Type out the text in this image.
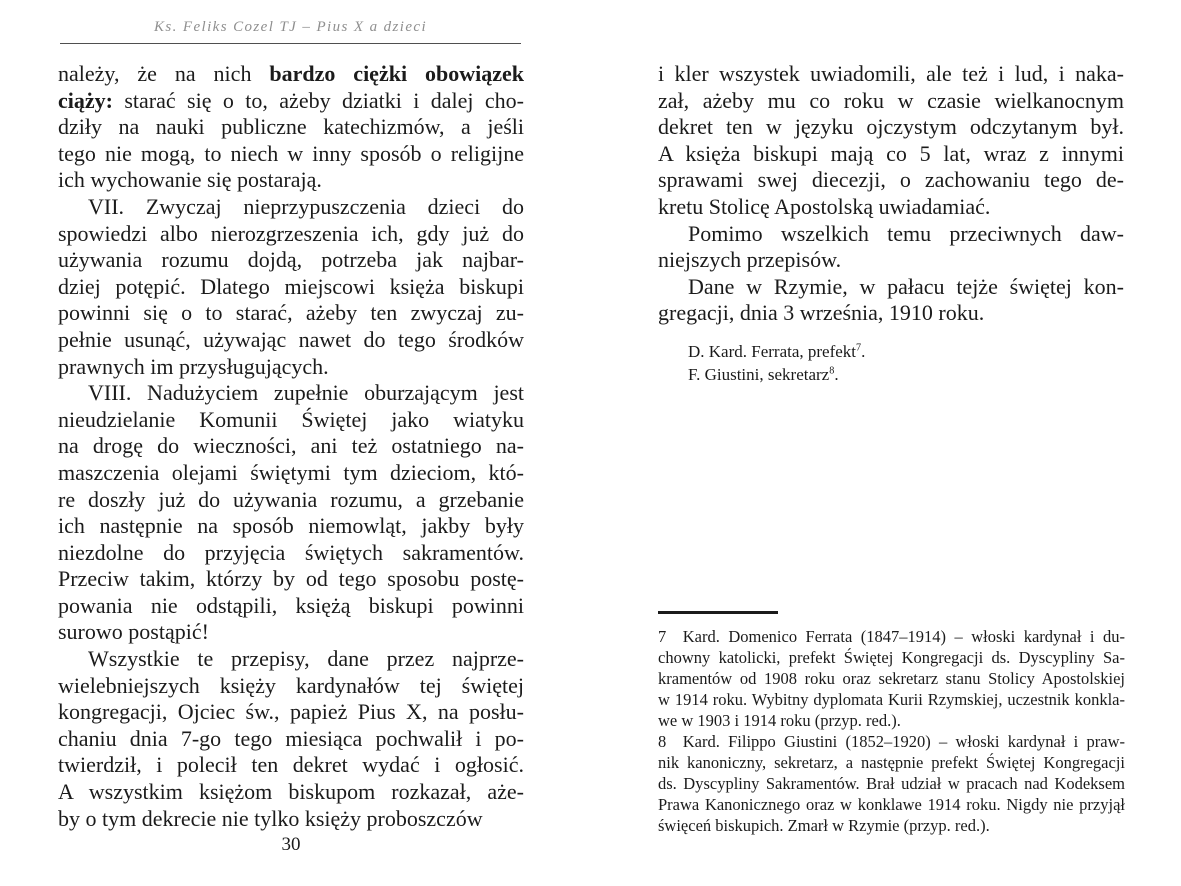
Ks. Feliks Cozel TJ – Pius X a dzieci
należy, że na nich bardzo ciężki obowiązek
ciąży: starać się o to, ażeby dziatki i dalej cho-
dziły na nauki publiczne katechizmów, a jeśli
tego nie mogą, to niech w inny sposób o religijne
ich wychowanie się postarają.
VII. Zwyczaj nieprzypuszczenia dzieci do
spowiedzi albo nierozgrzeszenia ich, gdy już do
używania rozumu dojdą, potrzeba jak najbar-
dziej potępić. Dlatego miejscowi księża biskupi
powinni się o to starać, ażeby ten zwyczaj zu-
pełnie usunąć, używając nawet do tego środków
prawnych im przysługujących.
VIII. Nadużyciem zupełnie oburzającym jest
nieudzielanie Komunii Świętej jako wiatyku
na drogę do wieczności, ani też ostatniego na-
maszczenia olejami świętymi tym dzieciom, któ-
re doszły już do używania rozumu, a grzebanie
ich następnie na sposób niemowląt, jakby były
niezdolne do przyjęcia świętych sakramentów.
Przeciw takim, którzy by od tego sposobu postę-
powania nie odstąpili, księżą biskupi powinni
surowo postąpić!
Wszystkie te przepisy, dane przez najprze-
wielebniejszych księży kardynałów tej świętej
kongregacji, Ojciec św., papież Pius X, na posłu-
chaniu dnia 7-go tego miesiąca pochwalił i po-
twierdził, i polecił ten dekret wydać i ogłosić.
A wszystkim księżom biskupom rozkazał, aże-
by o tym dekrecie nie tylko księży proboszczów
i kler wszystek uwiadomili, ale też i lud, i naka-
zał, ażeby mu co roku w czasie wielkanocnym
dekret ten w języku ojczystym odczytanym był.
A księża biskupi mają co 5 lat, wraz z innymi
sprawami swej diecezji, o zachowaniu tego de-
kretu Stolicę Apostolską uwiadamiać.
Pomimo wszelkich temu przeciwnych daw-
niejszych przepisów.
Dane w Rzymie, w pałacu tejże świętej kon-
gregacji, dnia 3 września, 1910 roku.
D. Kard. Ferrata, prefekt$^7$.
F. Giustini, sekretarz$^8$.
7 Kard. Domenico Ferrata (1847–1914) – włoski kardynał i du-
chowny katolicki, prefekt Świętej Kongregacji ds. Dyscypliny Sa-
kramentów od 1908 roku oraz sekretarz stanu Stolicy Apostolskiej
w 1914 roku. Wybitny dyplomata Kurii Rzymskiej, uczestnik konkla-
we w 1903 i 1914 roku (przyp. red.).
8 Kard. Filippo Giustini (1852–1920) – włoski kardynał i praw-
nik kanoniczny, sekretarz, a następnie prefekt Świętej Kongregacji
ds. Dyscypliny Sakramentów. Brał udział w pracach nad Kodeksem
Prawa Kanonicznego oraz w konklawe 1914 roku. Nigdy nie przyjął
święceń biskupich. Zmarł w Rzymie (przyp. red.).
30
